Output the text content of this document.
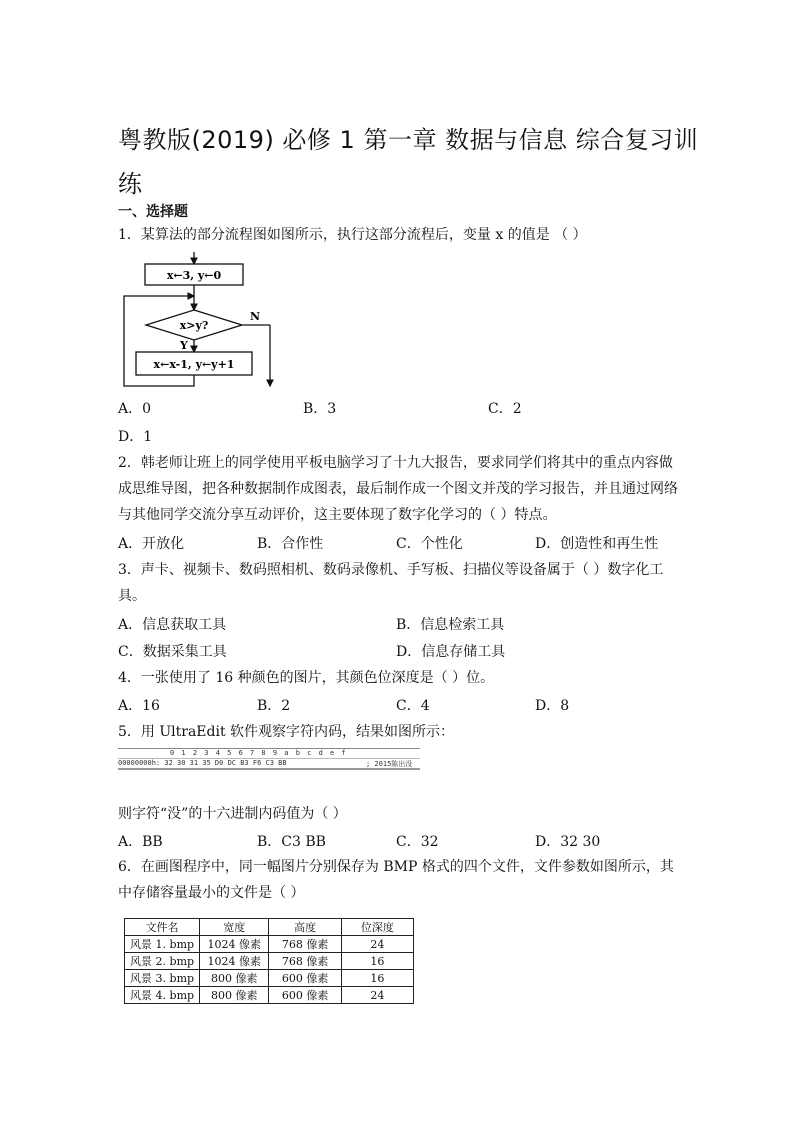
粤教版(2019) 必修 1 第一章 数据与信息 综合复习训练
一、选择题
1．某算法的部分流程图如图所示，执行这部分流程后，变量 x 的值是 （ ）
x←3, y←0
x>y?
N
Y
x←x-1, y←y+1
A．0	B．3	C．2
D．1
2．韩老师让班上的同学使用平板电脑学习了十九大报告，要求同学们将其中的重点内容做成思维导图，把各种数据制作成图表，最后制作成一个图文并茂的学习报告，并且通过网络与其他同学交流分享互动评价，这主要体现了数字化学习的（ ）特点。
A．开放化	B．合作性	C．个性化	D．创造性和再生性
3．声卡、视频卡、数码照相机、数码录像机、手写板、扫描仪等设备属于（ ）数字化工具。
A．信息获取工具	B．信息检索工具
C．数据采集工具	D．信息存储工具
4．一张使用了 16 种颜色的图片，其颜色位深度是（ ）位。
A．16	B．2	C．4	D．8
5．用 UltraEdit 软件观察字符内码，结果如图所示：
0 1 2 3 4 5 6 7 8 9 a b c d e f
00000000h: 32 30 31 35 D0 DC B3 F6 C3 BB	; 2015陈出没
则字符“没”的十六进制内码值为（ ）
A．BB	B．C3 BB	C．32	D．32 30
6．在画图程序中，同一幅图片分别保存为 BMP 格式的四个文件，文件参数如图所示，其中存储容量最小的文件是（ ）
文件名	宽度	高度	位深度
风景 1. bmp	1024 像素	768 像素	24
风景 2. bmp	1024 像素	768 像素	16
风景 3. bmp	800 像素	600 像素	16
风景 4. bmp	800 像素	600 像素	24
